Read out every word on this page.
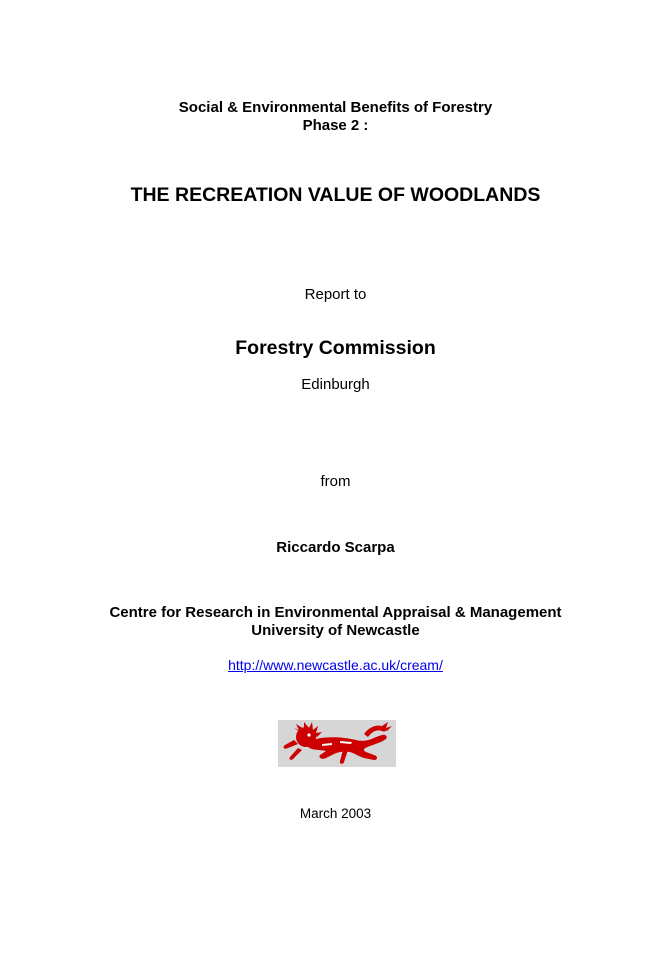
Social & Environmental Benefits of Forestry
Phase 2 :
THE RECREATION VALUE OF WOODLANDS
Report to
Forestry Commission
Edinburgh
from
Riccardo Scarpa
Centre for Research in Environmental Appraisal & Management
University of Newcastle
http://www.newcastle.ac.uk/cream/
March 2003
